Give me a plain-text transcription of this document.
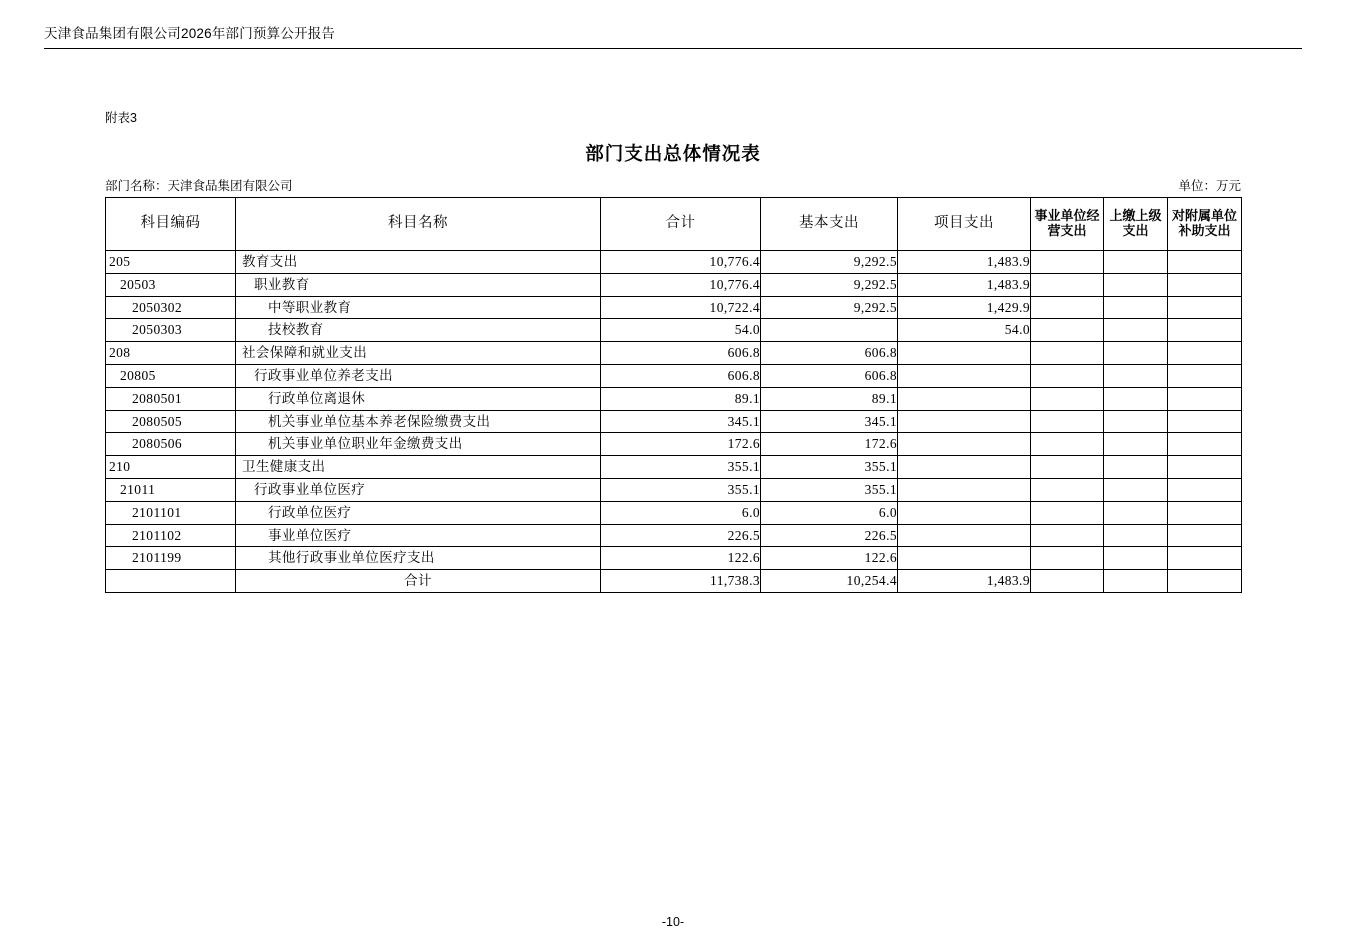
天津食品集团有限公司2026年部门预算公开报告
附表3
部门支出总体情况表
部门名称：天津食品集团有限公司	单位：万元
科目编码	科目名称	合计	基本支出	项目支出	事业单位经营支出	上缴上级支出	对附属单位补助支出
205	教育支出	10,776.4	9,292.5	1,483.9			
20503	职业教育	10,776.4	9,292.5	1,483.9			
2050302	中等职业教育	10,722.4	9,292.5	1,429.9			
2050303	技校教育	54.0		54.0			
208	社会保障和就业支出	606.8	606.8				
20805	行政事业单位养老支出	606.8	606.8				
2080501	行政单位离退休	89.1	89.1				
2080505	机关事业单位基本养老保险缴费支出	345.1	345.1				
2080506	机关事业单位职业年金缴费支出	172.6	172.6				
210	卫生健康支出	355.1	355.1				
21011	行政事业单位医疗	355.1	355.1				
2101101	行政单位医疗	6.0	6.0				
2101102	事业单位医疗	226.5	226.5				
2101199	其他行政事业单位医疗支出	122.6	122.6				
	合计	11,738.3	10,254.4	1,483.9			
-10-
